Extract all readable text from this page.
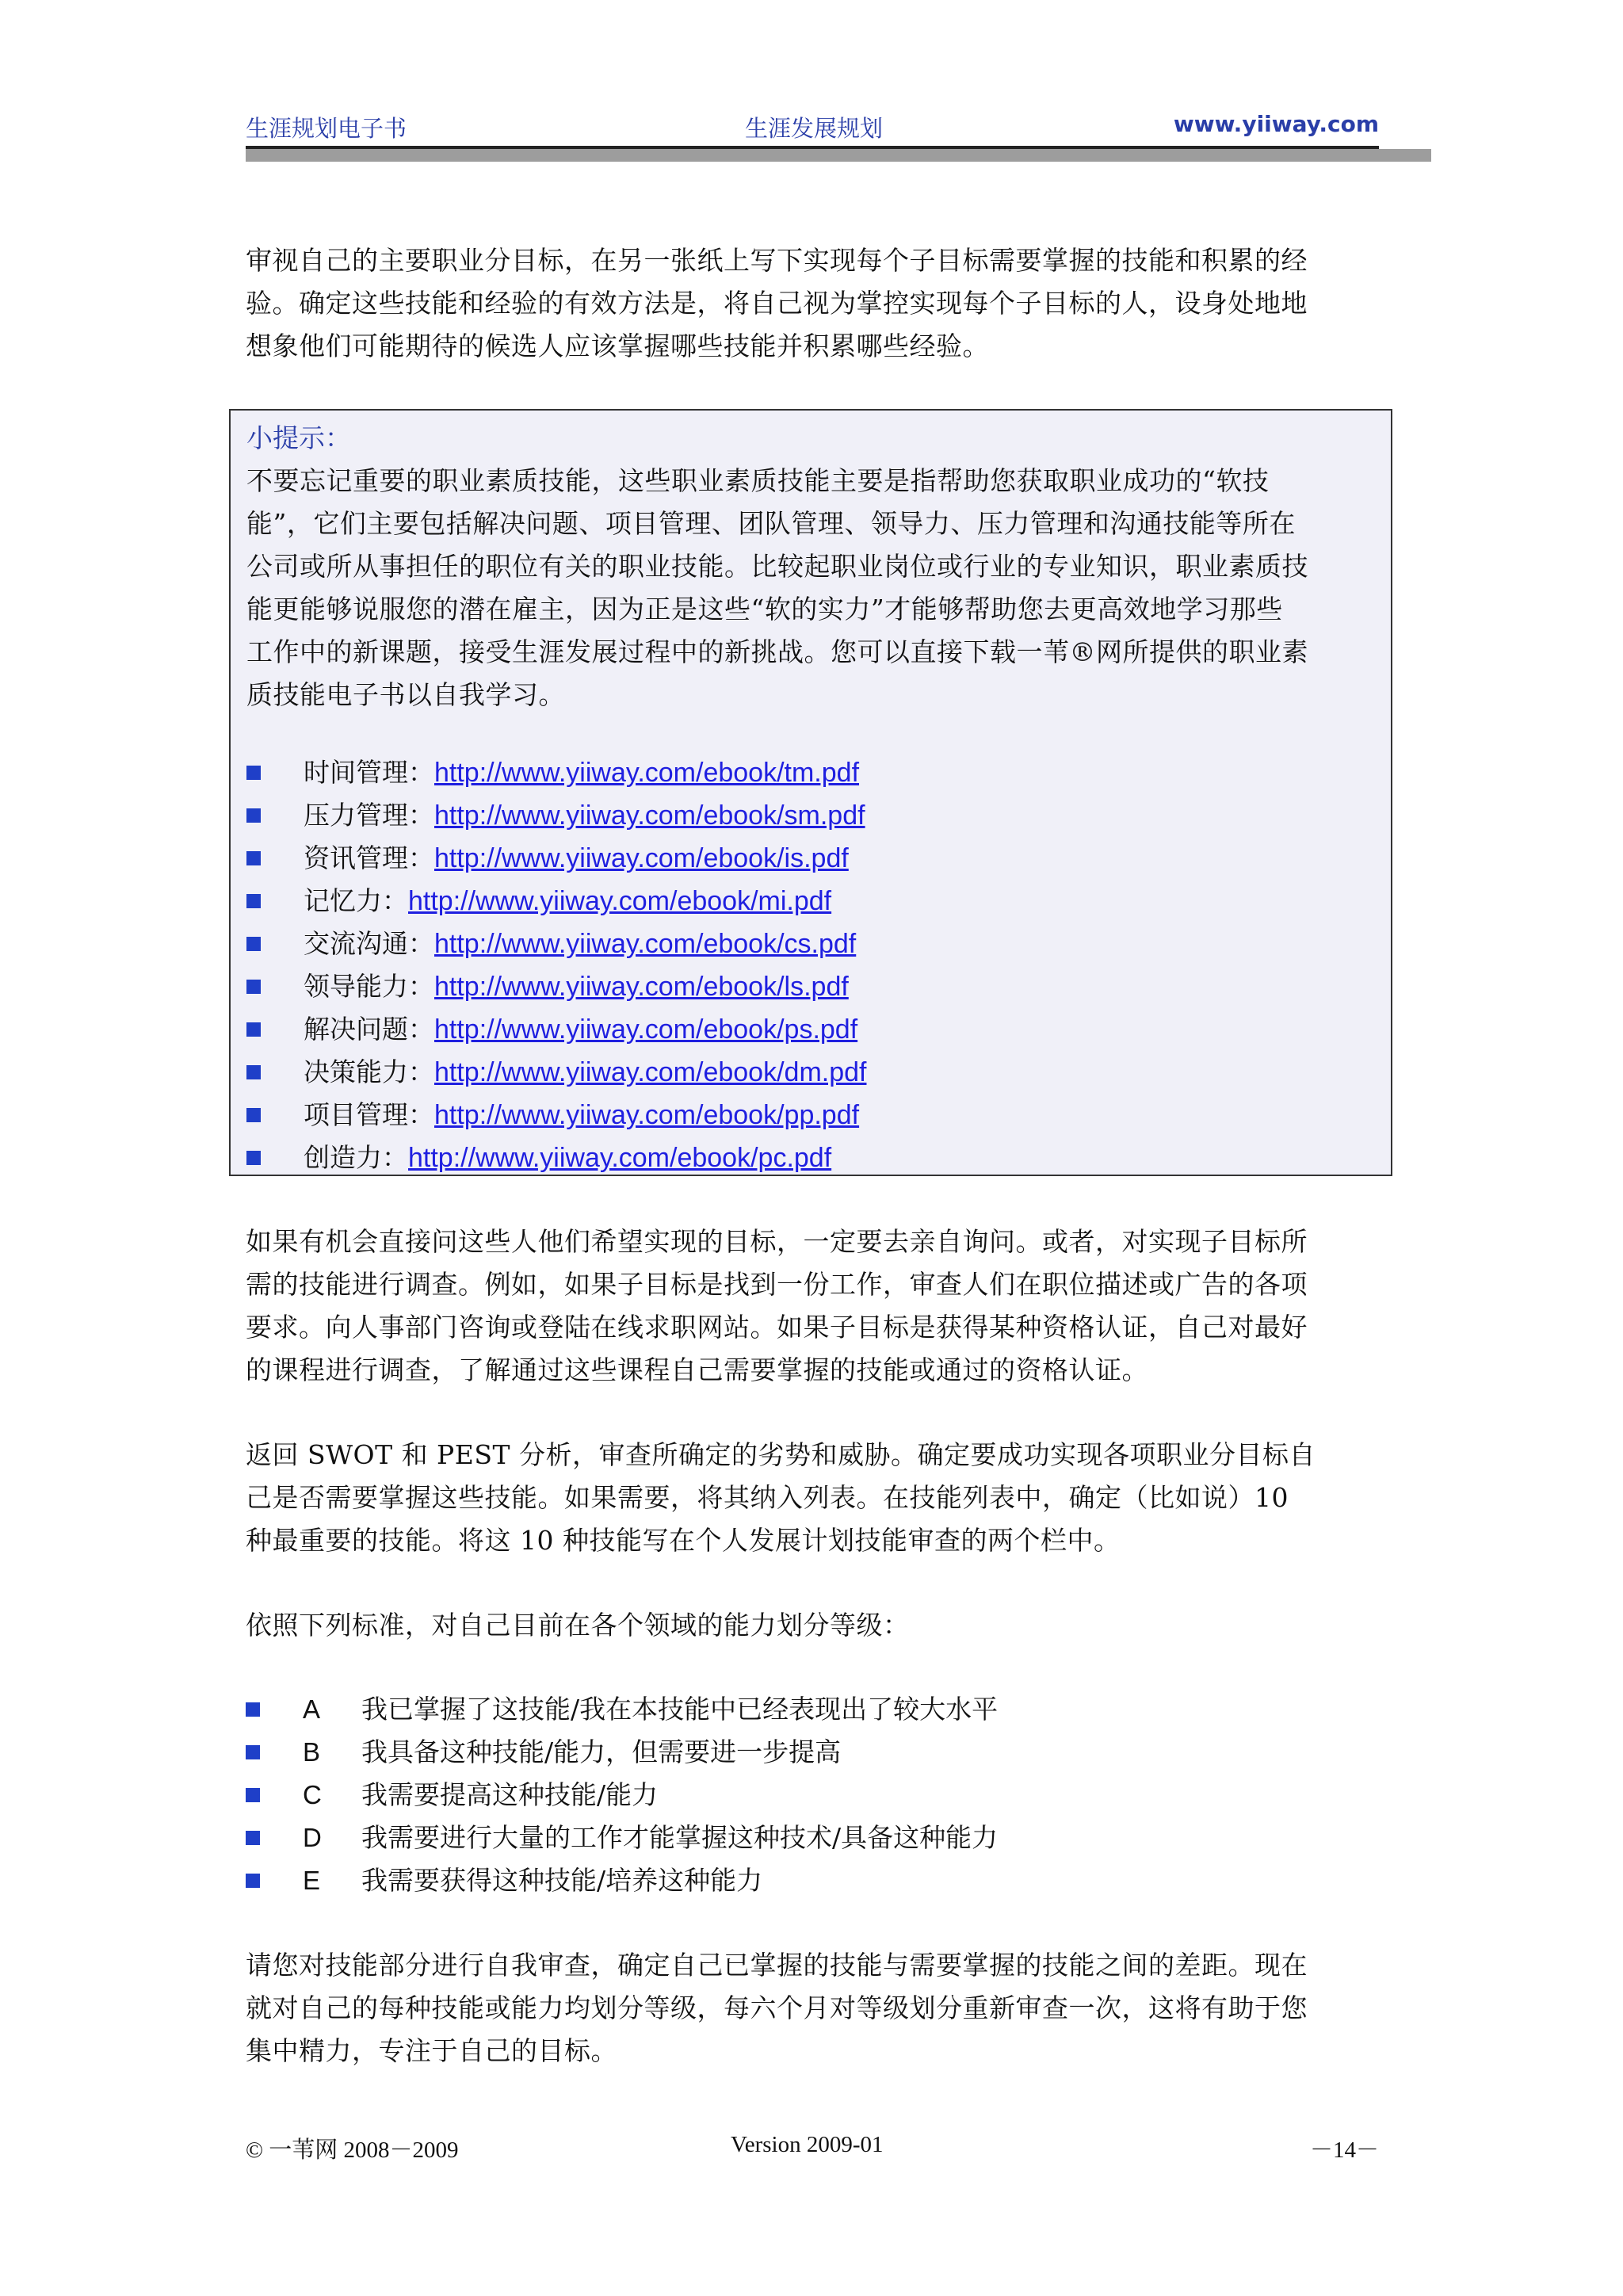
生涯规划电子书	生涯发展规划	www.yiiway.com
审视自己的主要职业分目标，在另一张纸上写下实现每个子目标需要掌握的技能和积累的经
验。确定这些技能和经验的有效方法是，将自己视为掌控实现每个子目标的人，设身处地地
想象他们可能期待的候选人应该掌握哪些技能并积累哪些经验。
小提示：
不要忘记重要的职业素质技能，这些职业素质技能主要是指帮助您获取职业成功的“软技
能”，它们主要包括解决问题、项目管理、团队管理、领导力、压力管理和沟通技能等所在
公司或所从事担任的职位有关的职业技能。比较起职业岗位或行业的专业知识，职业素质技
能更能够说服您的潜在雇主，因为正是这些“软的实力”才能够帮助您去更高效地学习那些
工作中的新课题，接受生涯发展过程中的新挑战。您可以直接下载一苇®网所提供的职业素
质技能电子书以自我学习。
时间管理：http://www.yiiway.com/ebook/tm.pdf
压力管理：http://www.yiiway.com/ebook/sm.pdf
资讯管理：http://www.yiiway.com/ebook/is.pdf
记忆力：http://www.yiiway.com/ebook/mi.pdf
交流沟通：http://www.yiiway.com/ebook/cs.pdf
领导能力：http://www.yiiway.com/ebook/ls.pdf
解决问题：http://www.yiiway.com/ebook/ps.pdf
决策能力：http://www.yiiway.com/ebook/dm.pdf
项目管理：http://www.yiiway.com/ebook/pp.pdf
创造力：http://www.yiiway.com/ebook/pc.pdf
如果有机会直接问这些人他们希望实现的目标，一定要去亲自询问。或者，对实现子目标所
需的技能进行调查。例如，如果子目标是找到一份工作，审查人们在职位描述或广告的各项
要求。向人事部门咨询或登陆在线求职网站。如果子目标是获得某种资格认证，自己对最好
的课程进行调查，了解通过这些课程自己需要掌握的技能或通过的资格认证。
返回 SWOT 和 PEST 分析，审查所确定的劣势和威胁。确定要成功实现各项职业分目标自
己是否需要掌握这些技能。如果需要，将其纳入列表。在技能列表中，确定（比如说）10
种最重要的技能。将这 10 种技能写在个人发展计划技能审查的两个栏中。
依照下列标准，对自己目前在各个领域的能力划分等级：
A 我已掌握了这技能/我在本技能中已经表现出了较大水平
B 我具备这种技能/能力，但需要进一步提高
C 我需要提高这种技能/能力
D 我需要进行大量的工作才能掌握这种技术/具备这种能力
E 我需要获得这种技能/培养这种能力
请您对技能部分进行自我审查，确定自己已掌握的技能与需要掌握的技能之间的差距。现在
就对自己的每种技能或能力均划分等级，每六个月对等级划分重新审查一次，这将有助于您
集中精力，专注于自己的目标。
© 一苇网 2008－2009	Version 2009-01	－14－
